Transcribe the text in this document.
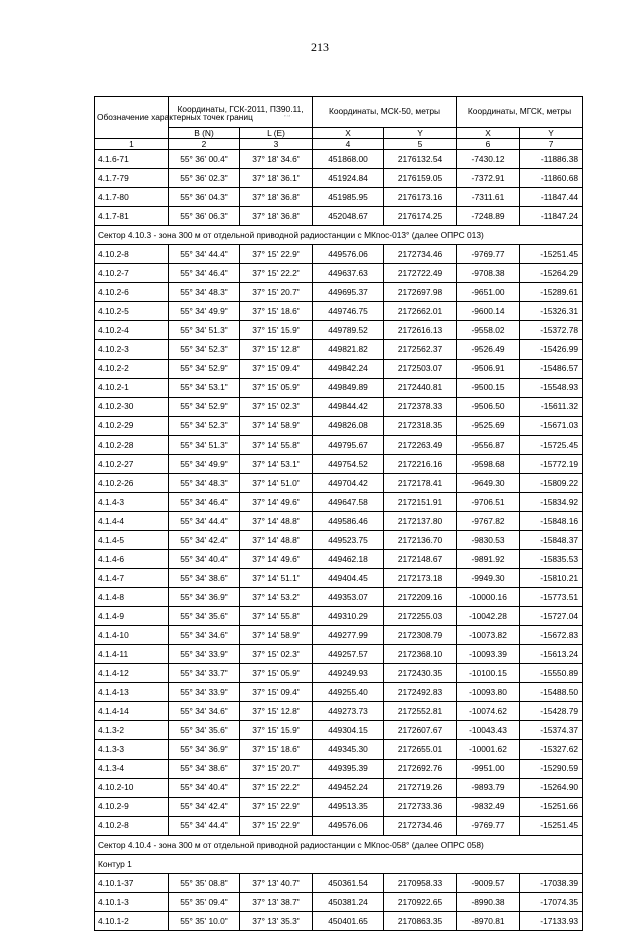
213
Обозначение характерных точек границ	Координаты, ГСК-2011, ПЗ90.11,
° ′ ″		Координаты, МСК-50, метры		Координаты, МГСК, метры	

	B (N)	L (E)	X	Y	X	Y
1	2	3	4	5	6	7
4.1.6-71	55° 36' 00.4"	37° 18' 34.6"	451868.00	2176132.54	-7430.12	-11886.38
4.1.7-79	55° 36' 02.3"	37° 18' 36.1"	451924.84	2176159.05	-7372.91	-11860.68
4.1.7-80	55° 36' 04.3"	37° 18' 36.8"	451985.95	2176173.16	-7311.61	-11847.44
4.1.7-81	55° 36' 06.3"	37° 18' 36.8"	452048.67	2176174.25	-7248.89	-11847.24
Сектор 4.10.3 - зона 300 м от отдельной приводной радиостанции с МКпос-013° (далее ОПРС 013)						
4.10.2-8	55° 34' 44.4"	37° 15' 22.9"	449576.06	2172734.46	-9769.77	-15251.45
4.10.2-7	55° 34' 46.4"	37° 15' 22.2"	449637.63	2172722.49	-9708.38	-15264.29
4.10.2-6	55° 34' 48.3"	37° 15' 20.7"	449695.37	2172697.98	-9651.00	-15289.61
4.10.2-5	55° 34' 49.9"	37° 15' 18.6"	449746.75	2172662.01	-9600.14	-15326.31
4.10.2-4	55° 34' 51.3"	37° 15' 15.9"	449789.52	2172616.13	-9558.02	-15372.78
4.10.2-3	55° 34' 52.3"	37° 15' 12.8"	449821.82	2172562.37	-9526.49	-15426.99
4.10.2-2	55° 34' 52.9"	37° 15' 09.4"	449842.24	2172503.07	-9506.91	-15486.57
4.10.2-1	55° 34' 53.1"	37° 15' 05.9"	449849.89	2172440.81	-9500.15	-15548.93
4.10.2-30	55° 34' 52.9"	37° 15' 02.3"	449844.42	2172378.33	-9506.50	-15611.32
4.10.2-29	55° 34' 52.3"	37° 14' 58.9"	449826.08	2172318.35	-9525.69	-15671.03
4.10.2-28	55° 34' 51.3"	37° 14' 55.8"	449795.67	2172263.49	-9556.87	-15725.45
4.10.2-27	55° 34' 49.9"	37° 14' 53.1"	449754.52	2172216.16	-9598.68	-15772.19
4.10.2-26	55° 34' 48.3"	37° 14' 51.0"	449704.42	2172178.41	-9649.30	-15809.22
4.1.4-3	55° 34' 46.4"	37° 14' 49.6"	449647.58	2172151.91	-9706.51	-15834.92
4.1.4-4	55° 34' 44.4"	37° 14' 48.8"	449586.46	2172137.80	-9767.82	-15848.16
4.1.4-5	55° 34' 42.4"	37° 14' 48.8"	449523.75	2172136.70	-9830.53	-15848.37
4.1.4-6	55° 34' 40.4"	37° 14' 49.6"	449462.18	2172148.67	-9891.92	-15835.53
4.1.4-7	55° 34' 38.6"	37° 14' 51.1"	449404.45	2172173.18	-9949.30	-15810.21
4.1.4-8	55° 34' 36.9"	37° 14' 53.2"	449353.07	2172209.16	-10000.16	-15773.51
4.1.4-9	55° 34' 35.6"	37° 14' 55.8"	449310.29	2172255.03	-10042.28	-15727.04
4.1.4-10	55° 34' 34.6"	37° 14' 58.9"	449277.99	2172308.79	-10073.82	-15672.83
4.1.4-11	55° 34' 33.9"	37° 15' 02.3"	449257.57	2172368.10	-10093.39	-15613.24
4.1.4-12	55° 34' 33.7"	37° 15' 05.9"	449249.93	2172430.35	-10100.15	-15550.89
4.1.4-13	55° 34' 33.9"	37° 15' 09.4"	449255.40	2172492.83	-10093.80	-15488.50
4.1.4-14	55° 34' 34.6"	37° 15' 12.8"	449273.73	2172552.81	-10074.62	-15428.79
4.1.3-2	55° 34' 35.6"	37° 15' 15.9"	449304.15	2172607.67	-10043.43	-15374.37
4.1.3-3	55° 34' 36.9"	37° 15' 18.6"	449345.30	2172655.01	-10001.62	-15327.62
4.1.3-4	55° 34' 38.6"	37° 15' 20.7"	449395.39	2172692.76	-9951.00	-15290.59
4.10.2-10	55° 34' 40.4"	37° 15' 22.2"	449452.24	2172719.26	-9893.79	-15264.90
4.10.2-9	55° 34' 42.4"	37° 15' 22.9"	449513.35	2172733.36	-9832.49	-15251.66
4.10.2-8	55° 34' 44.4"	37° 15' 22.9"	449576.06	2172734.46	-9769.77	-15251.45
Сектор 4.10.4 - зона 300 м от отдельной приводной радиостанции с МКпос-058° (далее ОПРС 058)						
Контур 1						
4.10.1-37	55° 35' 08.8"	37° 13' 40.7"	450361.54	2170958.33	-9009.57	-17038.39
4.10.1-3	55° 35' 09.4"	37° 13' 38.7"	450381.24	2170922.65	-8990.38	-17074.35
4.10.1-2	55° 35' 10.0"	37° 13' 35.3"	450401.65	2170863.35	-8970.81	-17133.93
